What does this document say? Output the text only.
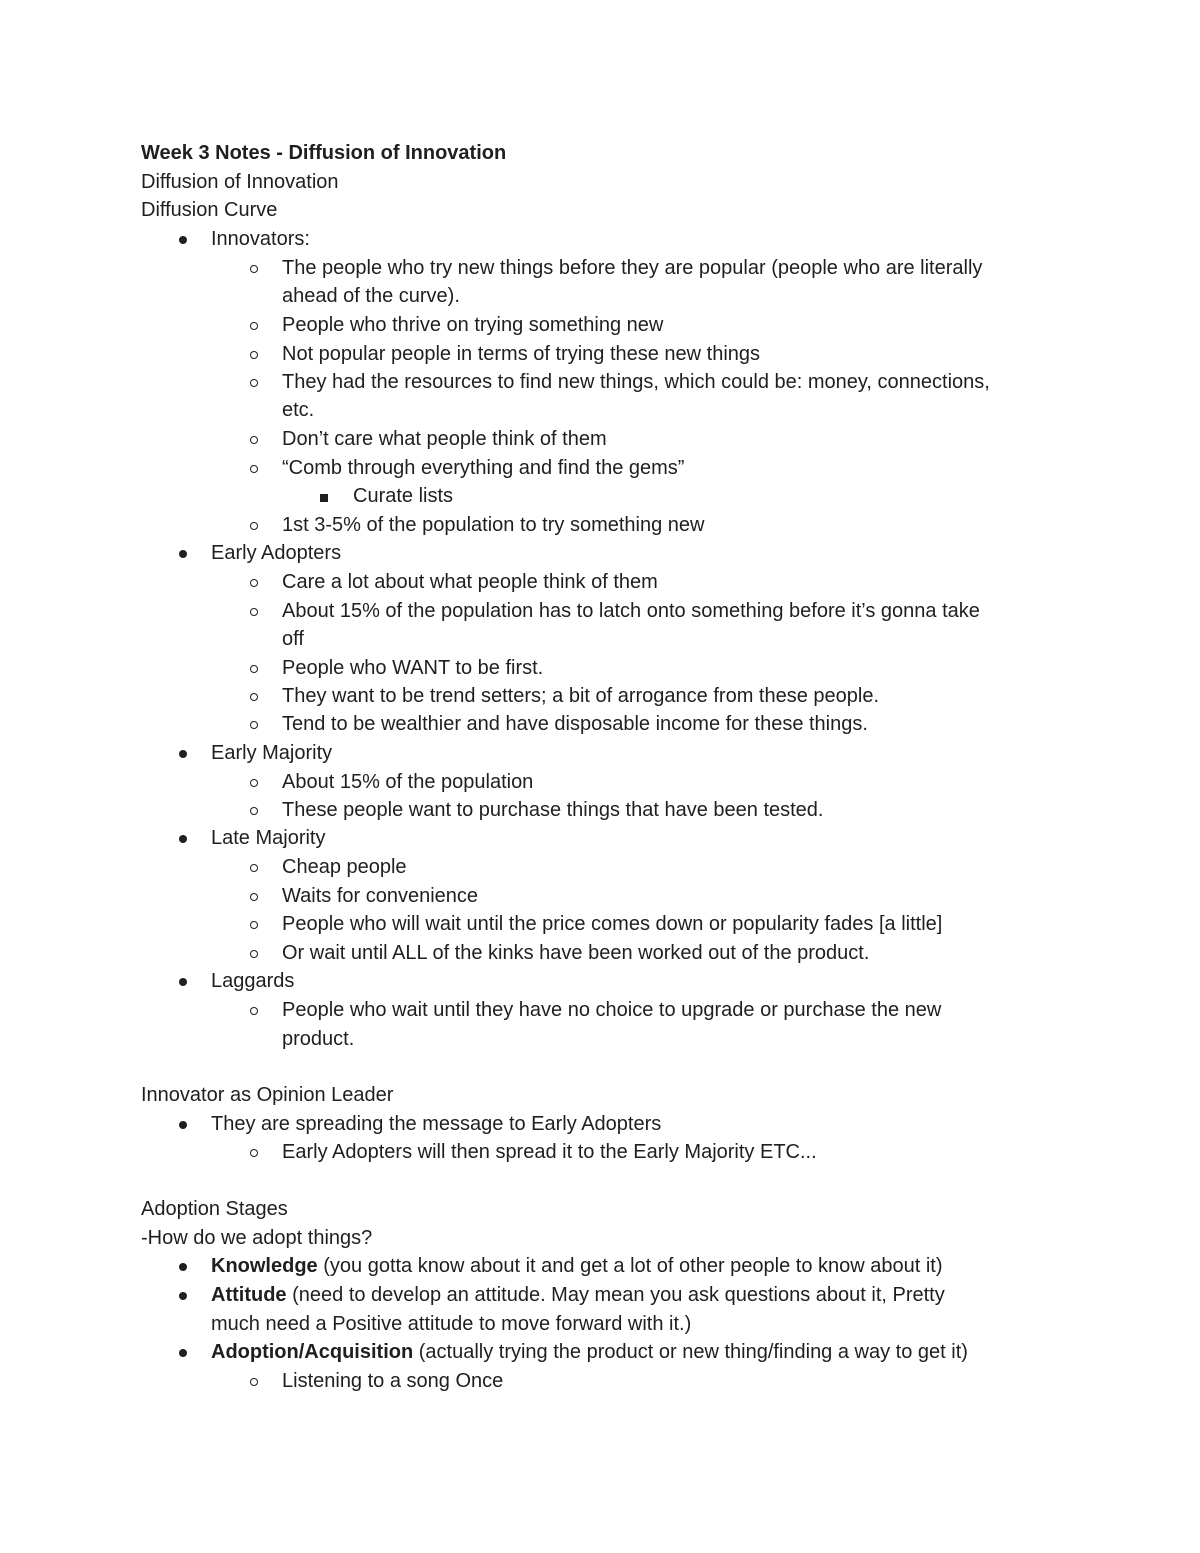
Week 3 Notes - Diffusion of Innovation
Diffusion of Innovation
Diffusion Curve
Innovators:
The people who try new things before they are popular (people who are literally
ahead of the curve).
People who thrive on trying something new
Not popular people in terms of trying these new things
They had the resources to find new things, which could be: money, connections,
etc.
Don’t care what people think of them
“Comb through everything and find the gems”
Curate lists
1st 3-5% of the population to try something new
Early Adopters
Care a lot about what people think of them
About 15% of the population has to latch onto something before it’s gonna take
off
People who WANT to be first.
They want to be trend setters; a bit of arrogance from these people.
Tend to be wealthier and have disposable income for these things.
Early Majority
About 15% of the population
These people want to purchase things that have been tested.
Late Majority
Cheap people
Waits for convenience
People who will wait until the price comes down or popularity fades [a little]
Or wait until ALL of the kinks have been worked out of the product.
Laggards
People who wait until they have no choice to upgrade or purchase the new
product.
Innovator as Opinion Leader
They are spreading the message to Early Adopters
Early Adopters will then spread it to the Early Majority ETC...
Adoption Stages
-How do we adopt things?
Knowledge (you gotta know about it and get a lot of other people to know about it)
Attitude (need to develop an attitude. May mean you ask questions about it, Pretty
much need a Positive attitude to move forward with it.)
Adoption/Acquisition (actually trying the product or new thing/finding a way to get it)
Listening to a song Once
